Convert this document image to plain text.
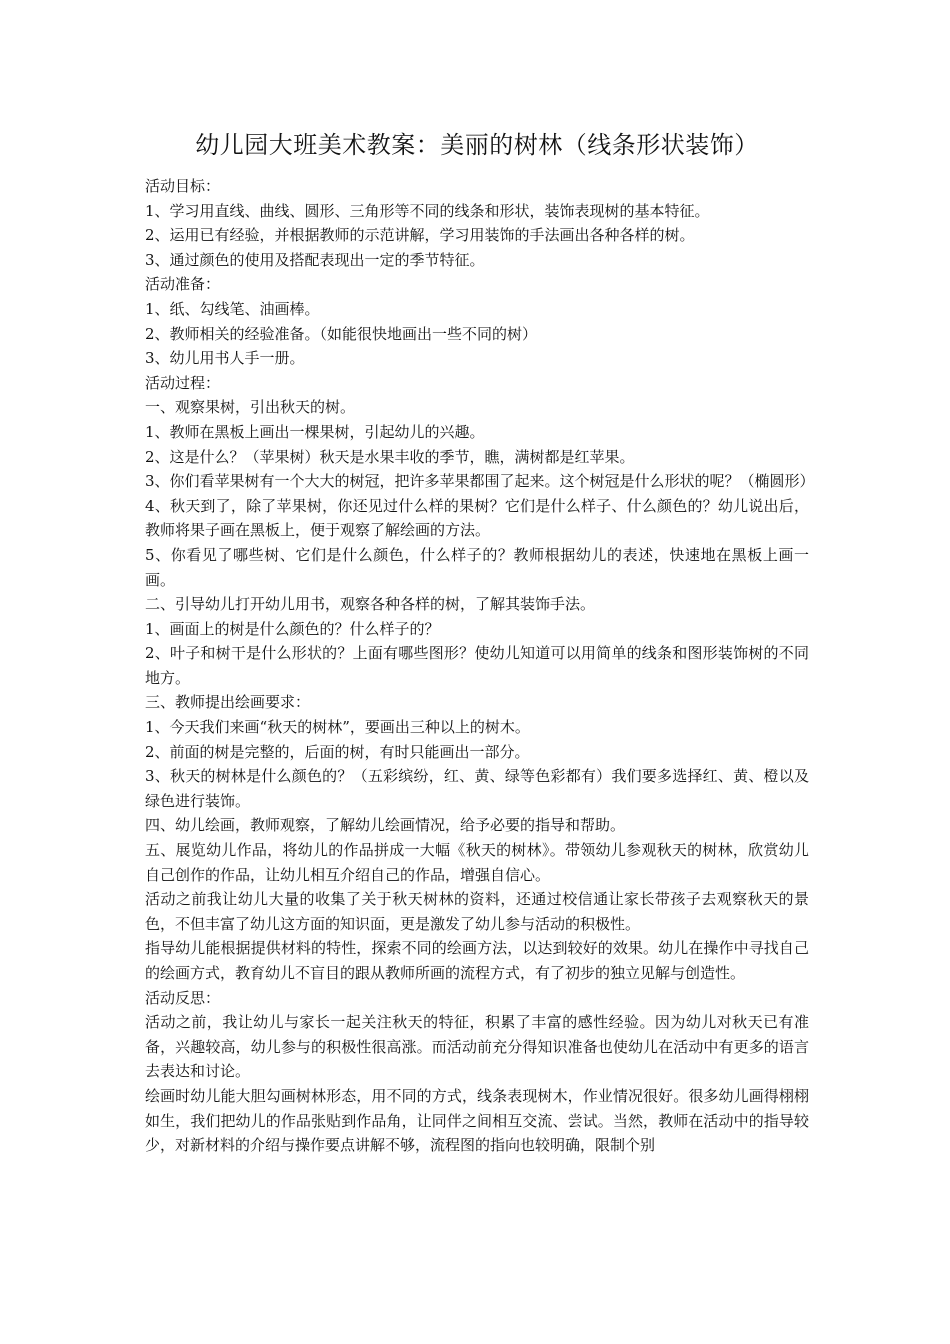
幼儿园大班美术教案：美丽的树林（线条形状装饰）

活动目标：

1、学习用直线、曲线、圆形、三角形等不同的线条和形状，装饰表现树的基本特征。

2、运用已有经验，并根据教师的示范讲解，学习用装饰的手法画出各种各样的树。

3、通过颜色的使用及搭配表现出一定的季节特征。

活动准备：

1、纸、勾线笔、油画棒。

2、教师相关的经验准备。（如能很快地画出一些不同的树）

3、幼儿用书人手一册。

活动过程：

一、观察果树，引出秋天的树。

1、教师在黑板上画出一棵果树，引起幼儿的兴趣。

2、这是什么？（苹果树）秋天是水果丰收的季节，瞧，满树都是红苹果。

3、你们看苹果树有一个大大的树冠，把许多苹果都围了起来。这个树冠是什么形状的呢？（椭圆形）

4、秋天到了，除了苹果树，你还见过什么样的果树？它们是什么样子、什么颜色的？幼儿说出后，教师将果子画在黑板上，便于观察了解绘画的方法。

5、你看见了哪些树、它们是什么颜色，什么样子的？教师根据幼儿的表述，快速地在黑板上画一画。

二、引导幼儿打开幼儿用书，观察各种各样的树，了解其装饰手法。

1、画面上的树是什么颜色的？什么样子的？

2、叶子和树干是什么形状的？上面有哪些图形？使幼儿知道可以用简单的线条和图形装饰树的不同地方。

三、教师提出绘画要求：

1、今天我们来画“秋天的树林”，要画出三种以上的树木。

2、前面的树是完整的，后面的树，有时只能画出一部分。

3、秋天的树林是什么颜色的？（五彩缤纷，红、黄、绿等色彩都有）我们要多选择红、黄、橙以及绿色进行装饰。

四、幼儿绘画，教师观察，了解幼儿绘画情况，给予必要的指导和帮助。

五、展览幼儿作品，将幼儿的作品拼成一大幅《秋天的树林》。带领幼儿参观秋天的树林，欣赏幼儿自己创作的作品，让幼儿相互介绍自己的作品，增强自信心。

活动之前我让幼儿大量的收集了关于秋天树林的资料，还通过校信通让家长带孩子去观察秋天的景色，不但丰富了幼儿这方面的知识面，更是激发了幼儿参与活动的积极性。

指导幼儿能根据提供材料的特性，探索不同的绘画方法，以达到较好的效果。幼儿在操作中寻找自己的绘画方式，教育幼儿不盲目的跟从教师所画的流程方式，有了初步的独立见解与创造性。

活动反思：

活动之前，我让幼儿与家长一起关注秋天的特征，积累了丰富的感性经验。因为幼儿对秋天已有准备，兴趣较高，幼儿参与的积极性很高涨。而活动前充分得知识准备也使幼儿在活动中有更多的语言去表达和讨论。

绘画时幼儿能大胆勾画树林形态，用不同的方式，线条表现树木，作业情况很好。很多幼儿画得栩栩如生，我们把幼儿的作品张贴到作品角，让同伴之间相互交流、尝试。当然，教师在活动中的指导较少，对新材料的介绍与操作要点讲解不够，流程图的指向也较明确，限制个别
